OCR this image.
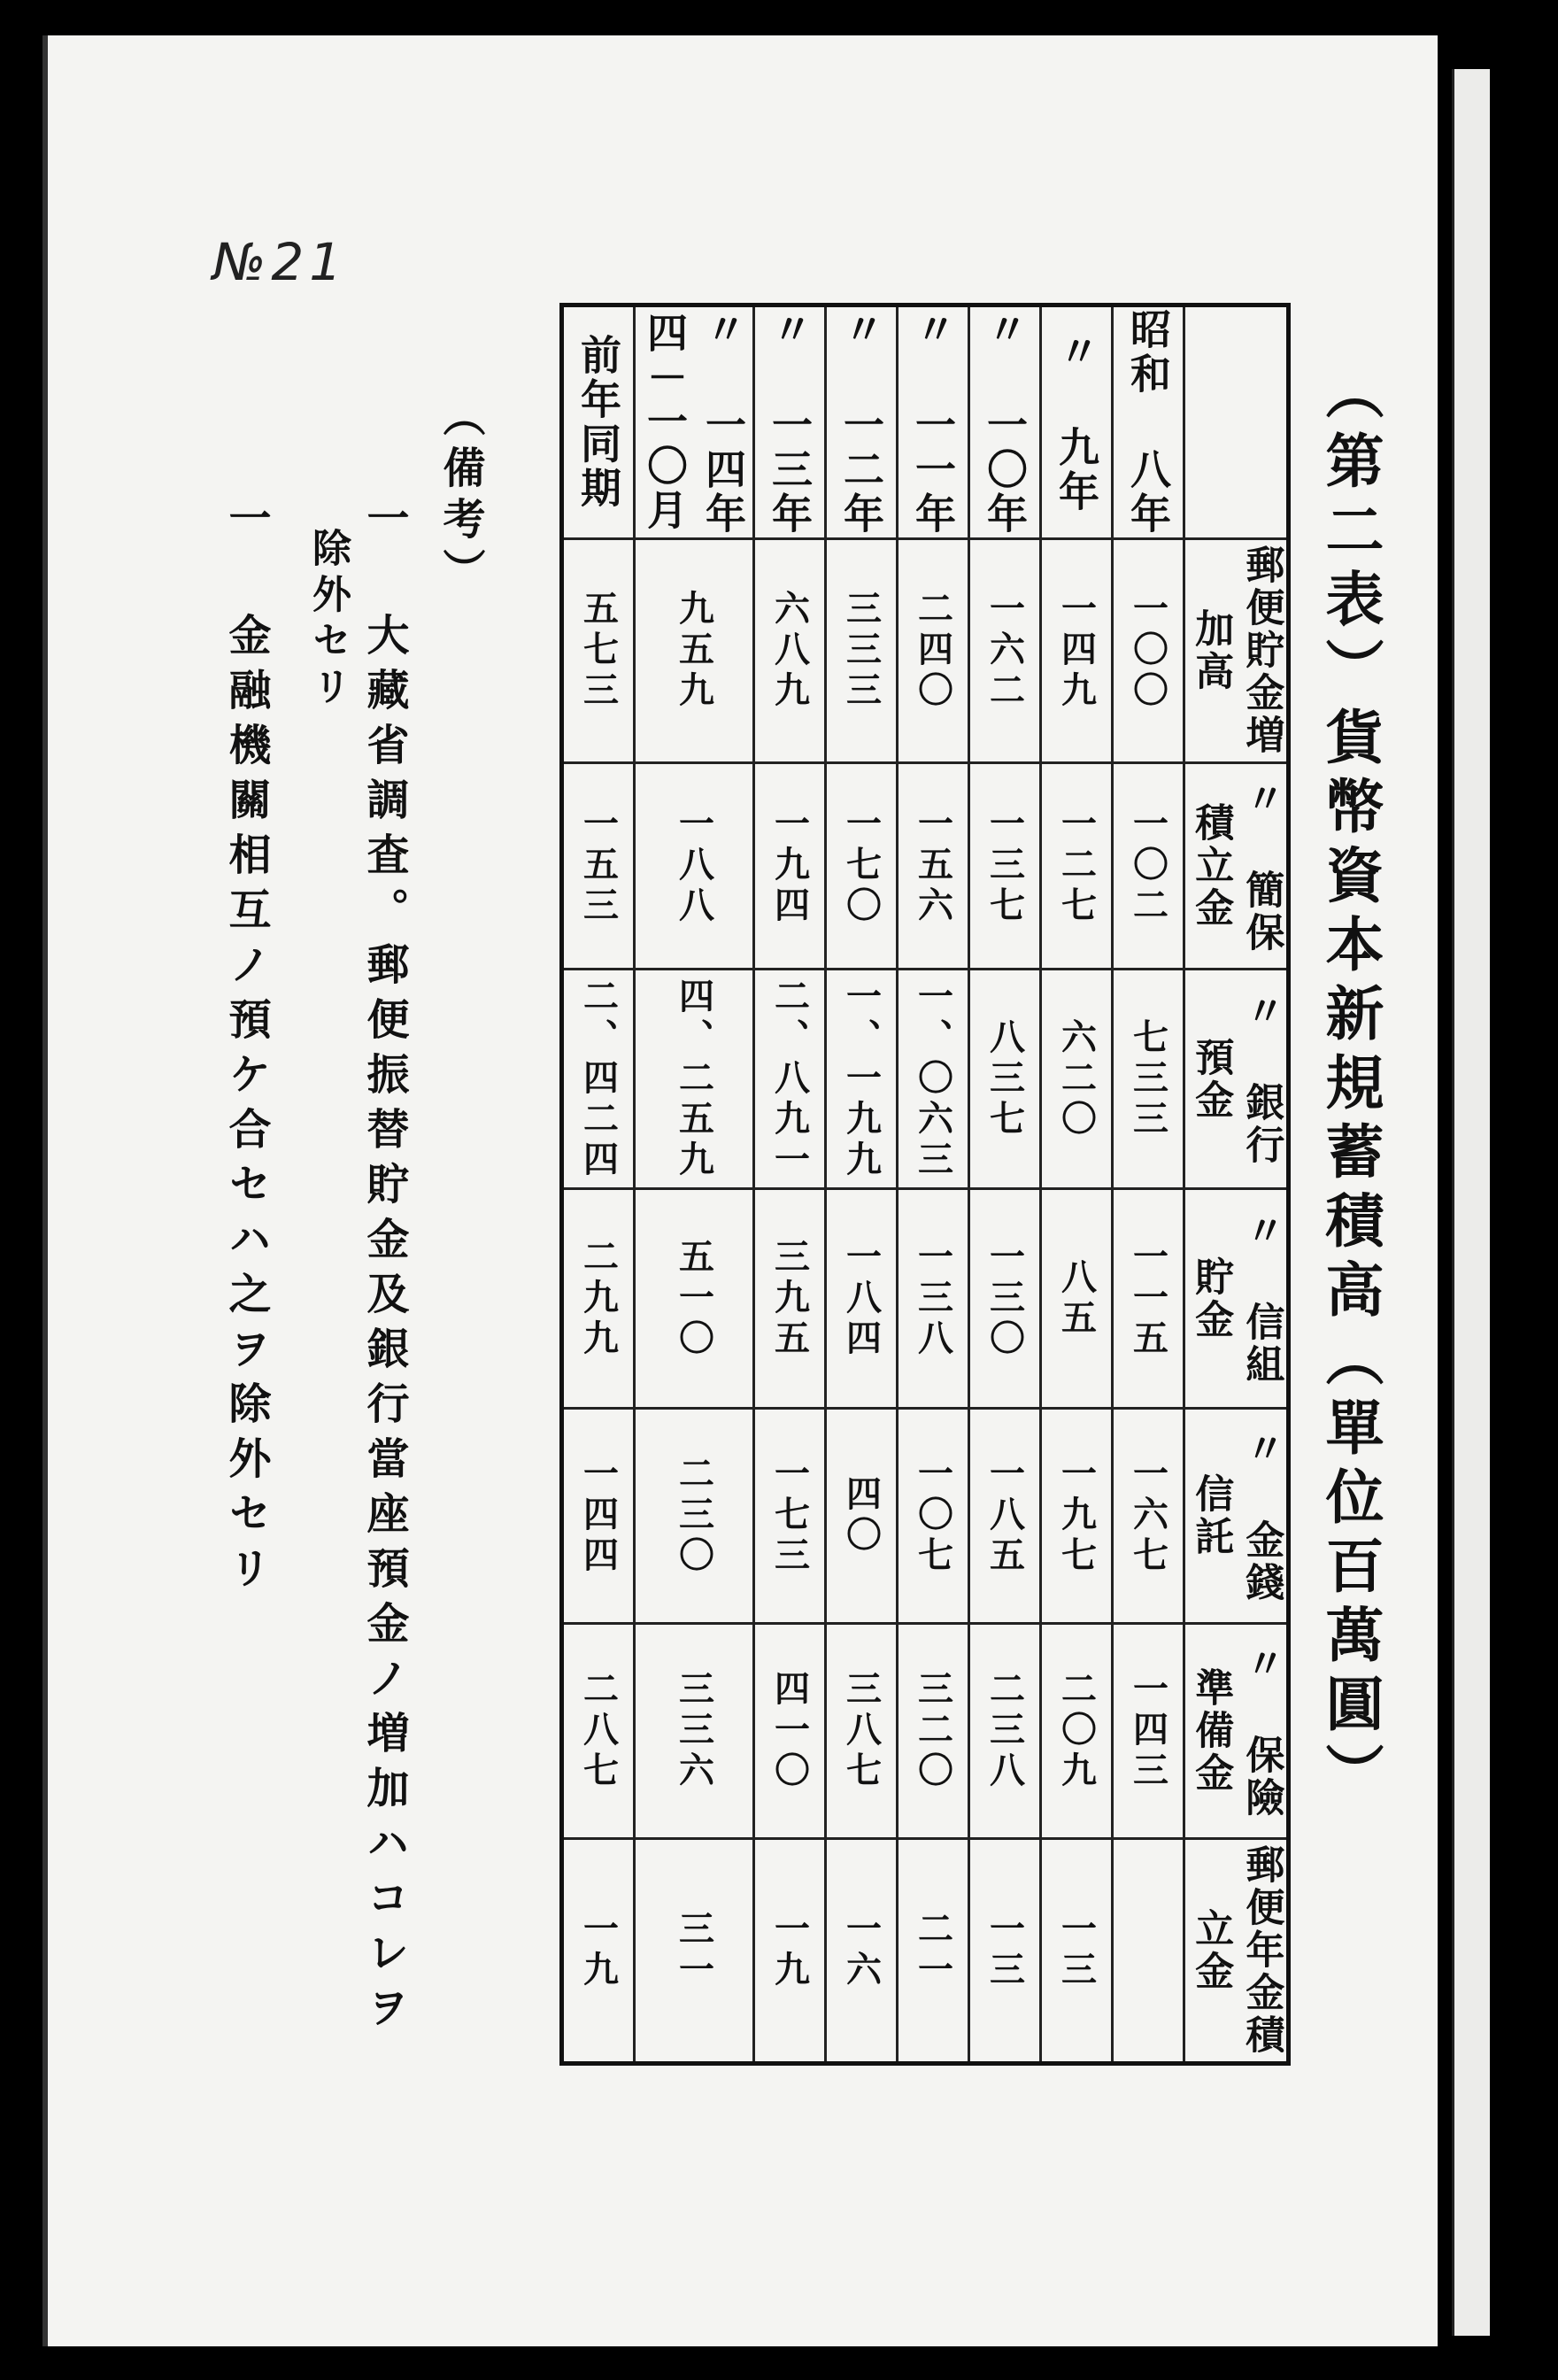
№21
（第二表）貨幣資本新規蓄積高（單位百萬圓）
	郵便貯金増加高	〃 簡保積立金	〃 銀行預金	〃 信組貯金	〃 金錢信託	〃 保險準備金	郵便年金積立金
昭和 八年	一〇〇	一〇二	七三三	一一五	一六七	一四三	
〃 九年	一四九	一二七	六二〇	八五	一九七	二〇九	一三
〃 一〇年	一六二	一三七	八三七	一三〇	一八五	二三八	一三
〃 一一年	二四〇	一五六	一、〇六三	一三八	一〇七	三二〇	二一
〃 一二年	三三三	一七〇	一、一九九	一八四	四〇	三八七	一六
〃 一三年	六八九	一九四	二、八九一	三九五	一七三	四一〇	一九
〃 一四年 四－一〇月	九五九	一八八	四、二五九	五一〇	二三〇	三三六	三一
前年同期	五七三	一五三	二、四二四	二九九	一四四	二八七	一九
（備考）
一 大藏省調査。郵便振替貯金及銀行當座預金ノ増加ハコレヲ
除外セリ
一 金融機關相互ノ預ケ合セハ之ヲ除外セリ
